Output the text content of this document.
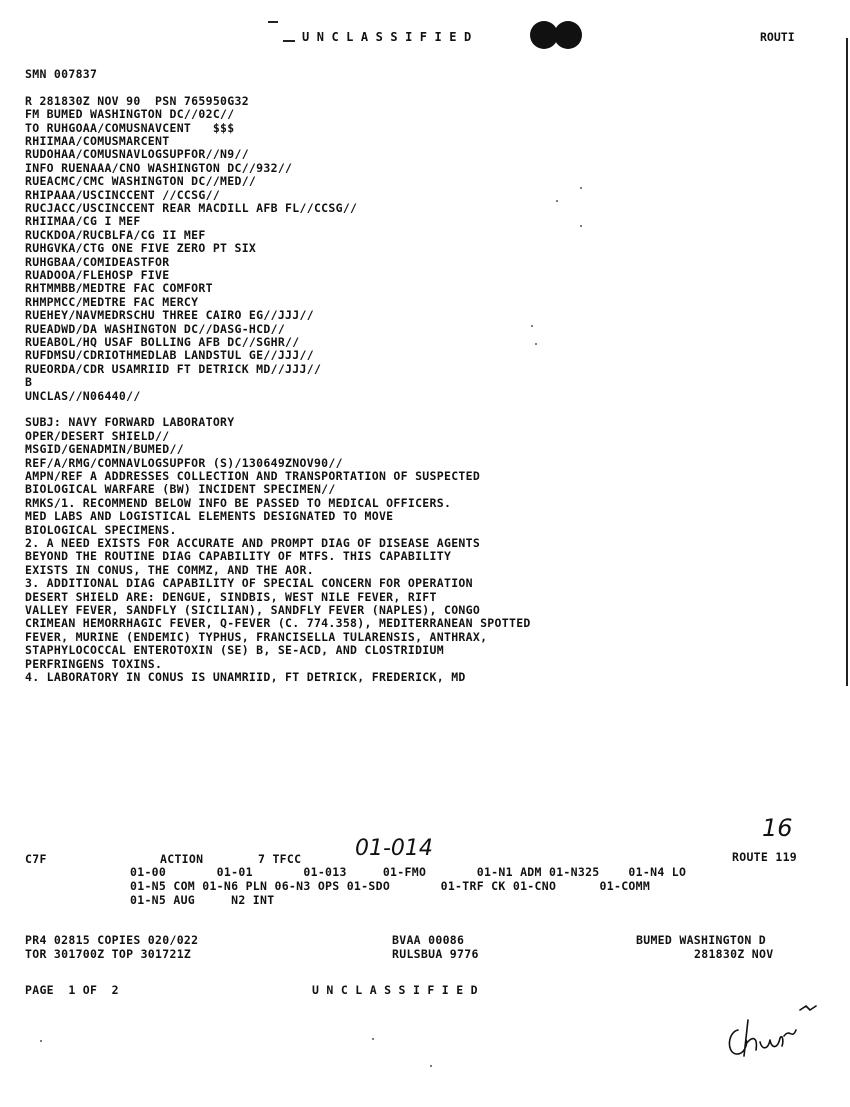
UNCLASSIFIED	ROUTI
SMN 007837
R 281830Z NOV 90  PSN 765950G32
FM BUMED WASHINGTON DC//02C//
TO RUHGOAA/COMUSNAVCENT   $$$
RHIIMAA/COMUSMARCENT
RUDOHAA/COMUSNAVLOGSUPFOR//N9//
INFO RUENAAA/CNO WASHINGTON DC//932//
RUEACMC/CMC WASHINGTON DC//MED//
RHIPAAA/USCINCCENT //CCSG//
RUCJACC/USCINCCENT REAR MACDILL AFB FL//CCSG//
RHIIMAA/CG I MEF
RUCKDOA/RUCBLFA/CG II MEF
RUHGVKA/CTG ONE FIVE ZERO PT SIX
RUHGBAA/COMIDEASTFOR
RUADOOA/FLEHOSP FIVE
RHTMMBB/MEDTRE FAC COMFORT
RHMPMCC/MEDTRE FAC MERCY
RUEHEY/NAVMEDRSCHU THREE CAIRO EG//JJJ//
RUEADWD/DA WASHINGTON DC//DASG-HCD//
RUEABOL/HQ USAF BOLLING AFB DC//SGHR//
RUFDMSU/CDRIOTHMEDLAB LANDSTUL GE//JJJ//
RUEORDA/CDR USAMRIID FT DETRICK MD//JJJ//
B
UNCLAS//N06440//
SUBJ: NAVY FORWARD LABORATORY
OPER/DESERT SHIELD//
MSGID/GENADMIN/BUMED//
REF/A/RMG/COMNAVLOGSUPFOR (S)/130649ZNOV90//
AMPN/REF A ADDRESSES COLLECTION AND TRANSPORTATION OF SUSPECTED
BIOLOGICAL WARFARE (BW) INCIDENT SPECIMEN//
RMKS/1. RECOMMEND BELOW INFO BE PASSED TO MEDICAL OFFICERS.
MED LABS AND LOGISTICAL ELEMENTS DESIGNATED TO MOVE
BIOLOGICAL SPECIMENS.
2. A NEED EXISTS FOR ACCURATE AND PROMPT DIAG OF DISEASE AGENTS
BEYOND THE ROUTINE DIAG CAPABILITY OF MTFS. THIS CAPABILITY
EXISTS IN CONUS, THE COMMZ, AND THE AOR.
3. ADDITIONAL DIAG CAPABILITY OF SPECIAL CONCERN FOR OPERATION
DESERT SHIELD ARE: DENGUE, SINDBIS, WEST NILE FEVER, RIFT
VALLEY FEVER, SANDFLY (SICILIAN), SANDFLY FEVER (NAPLES), CONGO
CRIMEAN HEMORRHAGIC FEVER, Q-FEVER (C. 774.358), MEDITERRANEAN SPOTTED
FEVER, MURINE (ENDEMIC) TYPHUS, FRANCISELLA TULARENSIS, ANTHRAX,
STAPHYLOCOCCAL ENTEROTOXIN (SE) B, SE-ACD, AND CLOSTRIDIUM
PERFRINGENS TOXINS.
4. LABORATORY IN CONUS IS UNAMRIID, FT DETRICK, FREDERICK, MD
C7F	ACTION	7 TFCC 01-014
16
ROUTE 119
01-00       01-01       01-013     01-FMO       01-N1 ADM 01-N325    01-N4 LO
01-N5 COM 01-N6 PLN 06-N3 OPS 01-SDO       01-TRF CK 01-CNO      01-COMM
01-N5 AUG     N2 INT
PR4 02815 COPIES 020/022	BVAA 00086	BUMED WASHINGTON D
TOR 301700Z TOP 301721Z	RULSBUA 9776	281830Z NOV
PAGE  1 OF  2	UNCLASSIFIED
